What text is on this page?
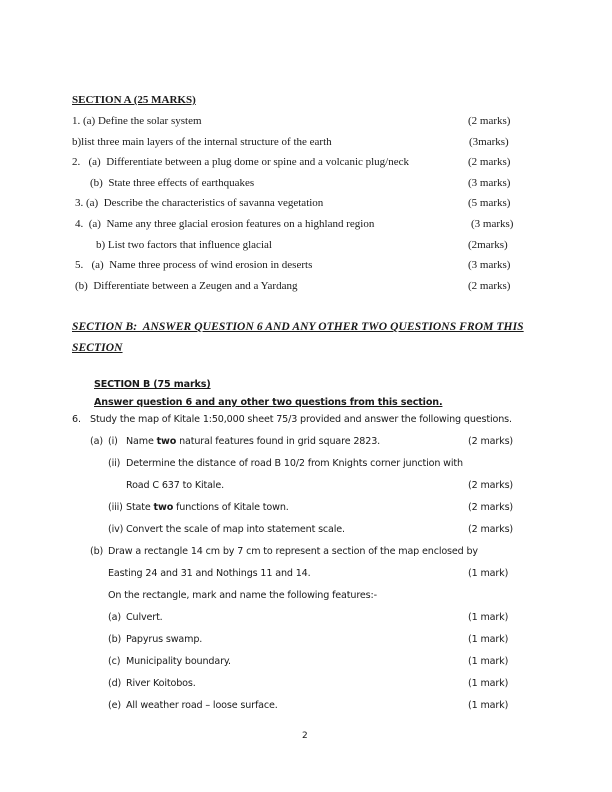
SECTION A (25 MARKS)
1. (a) Define the solar system	(2 marks)
b)list three main layers of the internal structure of the earth	(3marks)
2.   (a)  Differentiate between a plug dome or spine and a volcanic plug/neck	(2 marks)
(b)  State three effects of earthquakes	(3 marks)
3. (a)  Describe the characteristics of savanna vegetation	(5 marks)
4.  (a)  Name any three glacial erosion features on a highland region	(3 marks)
b) List two factors that influence glacial	(2marks)
5.   (a)  Name three process of wind erosion in deserts	(3 marks)
(b)  Differentiate between a Zeugen and a Yardang	(2 marks)
SECTION B:  ANSWER QUESTION 6 AND ANY OTHER TWO QUESTIONS FROM THIS
SECTION
SECTION B (75 marks)
Answer question 6 and any other two questions from this section.
6. Study the map of Kitale 1:50,000 sheet 75/3 provided and answer the following questions.
(a) (i) Name two natural features found in grid square 2823.	(2 marks)
(ii) Determine the distance of road B 10/2 from Knights corner junction with
Road C 637 to Kitale.	(2 marks)
(iii) State two functions of Kitale town.	(2 marks)
(iv) Convert the scale of map into statement scale.	(2 marks)
(b) Draw a rectangle 14 cm by 7 cm to represent a section of the map enclosed by
Easting 24 and 31 and Nothings 11 and 14.	(1 mark)
On the rectangle, mark and name the following features:-
(a) Culvert.	(1 mark)
(b) Papyrus swamp.	(1 mark)
(c) Municipality boundary.	(1 mark)
(d) River Koitobos.	(1 mark)
(e) All weather road – loose surface.	(1 mark)
2
